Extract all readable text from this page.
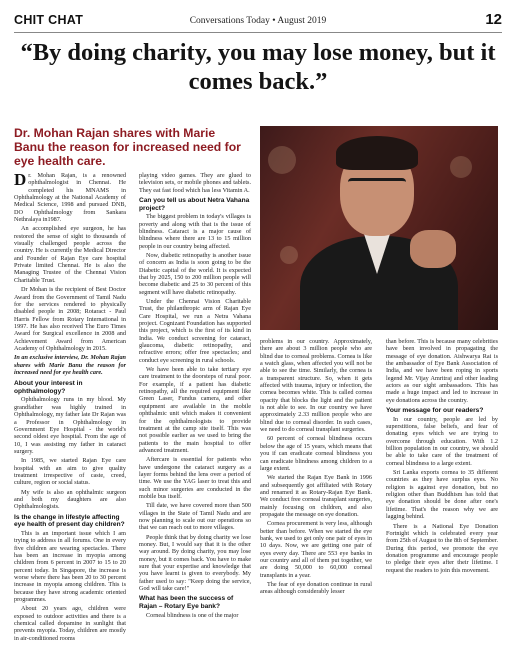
CHIT CHAT	Conversations Today • August 2019	12
“By doing charity, you may lose money, but it comes back.”
Dr. Mohan Rajan shares with Marie Banu the reason for increased need for eye health care.

Dr. Mohan Rajan, is a renowned ophthalmologist in Chennai. He completed his MNAMS in Ophthalmology at the National Academy of Medical Science, 1998 and pursued DNB, DO Ophthalmology from Sankara Nethralaya in1987.

An accomplished eye surgeon, he has restored the sense of sight to thousands of visually challenged people across the country. He is currently the Medical Director and Founder of Rajan Eye care hospital Private limited Chennai. He is also the Managing Trustee of the Chennai Vision Charitable Trust.

Dr Mohan is the recipient of Best Doctor Award from the Government of Tamil Nadu for the services rendered to physically disabled people in 2008; Rotaract - Paul Harris Fellow from Rotary International in 1997. He has also received The Euro Times Award for Surgical excellence in 2008 and Achievement Award from American Academy of Ophthalmology in 2015.

In an exclusive interview, Dr. Mohan Rajan shares with Marie Banu the reason for increased need for eye health care.

About your interest in ophthalmology?

Ophthalmology runs in my blood. My grandfather was highly trained in Ophthalmology, my father late Dr Rajan was a Professor in Ophthalmology in Government Eye Hospital - the world's second oldest eye hospital. From the age of 10, I was assisting my father in cataract surgery.

In 1985, we started Rajan Eye care hospital with an aim to give quality treatment irrespective of caste, creed, culture, region or social status.

My wife is also an ophthalmic surgeon and both my daughters are also Ophthalmologists.

Is the change in lifestyle affecting eye health of present day children?

This is an important issue which I am trying to address in all forums. One in every five children are wearing spectacles. There has been an increase in myopia among children from 6 percent in 2007 to 15 to 20 percent today. In Singapore, the increase is worse where there has been 20 to 30 percent increase in myopia among children. This is because they have strong academic oriented programmes.

About 20 years ago, children were exposed to outdoor activities and there is a chemical called dopamine in sunlight that prevents myopia. Today, children are mostly in air-conditioned rooms

playing video games. They are glued to television sets, or mobile phones and tablets. They eat fast food which has less Vitamin A.

Can you tell us about Netra Vahana project?

The biggest problem in today's villages is poverty and along with that is the issue of blindness. Cataract is a major cause of blindness where there are 13 to 15 million people in our country being affected.

Now, diabetic retinopathy is another issue of concern as India is soon going to be the Diabetic capital of the world. It is expected that by 2025, 150 to 200 million people will become diabetic and 25 to 30 percent of this segment will have diabetic retinopathy.

Under the Chennai Vision Charitable Trust, the philanthropic arm of Rajan Eye Care Hospital, we run a Netra Vahana project. Cognizant Foundation has supported this project, which is the first of its kind in India. We conduct screening for cataract, glaucoma, diabetic retinopathy, and refractive errors; offer free spectacles; and conduct eye screening in rural schools.

We have been able to take tertiary eye care treatment to the doorsteps of rural poor. For example, if a patient has diabetic retinopathy, all the required equipment like Green Laser, Fundus camera, and other equipment are available in the mobile ophthalmic unit which makes it convenient for the ophthalmologists to provide treatment at the camp site itself. This was not possible earlier as we used to bring the patients to the main hospital to offer advanced treatment.

Aftercare is essential for patients who have undergone the cataract surgery as a layer forms behind the lens over a period of time. We use the YAG laser to treat this and such minor surgeries are conducted in the mobile bus itself.

Till date, we have covered more than 500 villages in the State of Tamil Nadu and are now planning to scale out our operations so that we can reach out to more villages.

People think that by doing charity we lose money. But, I would say that it is the other way around. By doing charity, you may lose money, but it comes back. You have to make sure that your expertise and knowledge that you have learnt is given to everybody. My father used to say: "Keep doing the service, God will take care!"

What has been the success of Rajan – Rotary Eye bank?

Corneal blindness is one of the major

problems in our country. Approximately, there are about 3 million people who are blind due to corneal problems. Cornea is like a watch glass, when affected you will not be able to see the time. Similarly, the cornea is a transparent structure. So, when it gets affected with trauma, injury or infection, the cornea becomes white. This is called cornea opacity that blocks the light and the patient is not able to see. In our country we have approximately 2.33 million people who are blind due to corneal disorder. In such cases, we need to do corneal transplant surgeries.

60 percent of corneal blindness occurs below the age of 15 years, which means that you if can eradicate corneal blindness you can eradicate blindness among children to a large extent.

We started the Rajan Eye Bank in 1996 and subsequently got affiliated with Rotary and renamed it as Rotary-Rajan Eye Bank. We conduct free corneal transplant surgeries, mainly focusing on children, and also propagate the message on eye donation.

Cornea procurement is very less, although better than before. When we started the eye bank, we used to get only one pair of eyes in 10 days. Now, we are getting one pair of eyes every day. There are 553 eye banks in our country and all of them put together, we are doing 50,000 to 60,000 corneal transplants in a year.

The fear of eye donation continue in rural areas although considerably lesser

than before. This is because many celebrities have been involved in propagating the message of eye donation. Aishwarya Rai is the ambassador of Eye Bank Association of India, and we have been roping in sports legend Mr. Vijay Amritraj and other leading actors as our sight ambassadors. This has made a huge impact and led to increase in eye donations across the country.

Your message for our readers?

In our country, people are led by superstitions, false beliefs, and fear of donating eyes which we are trying to overcome through education. With 1.2 billion population in our country, we should be able to take care of the treatment of corneal blindness to a large extent.

Sri Lanka exports cornea to 35 different countries as they have surplus eyes. No religion is against eye donation, but no religion other than Buddhism has told that eye donation should be done after one's lifetime. That's the reason why we are lagging behind.

There is a National Eye Donation Fortnight which is celebrated every year from 25th of August to the 8th of September. During this period, we promote the eye donation programme and encourage people to pledge their eyes after their lifetime. I request the readers to join this movement.
